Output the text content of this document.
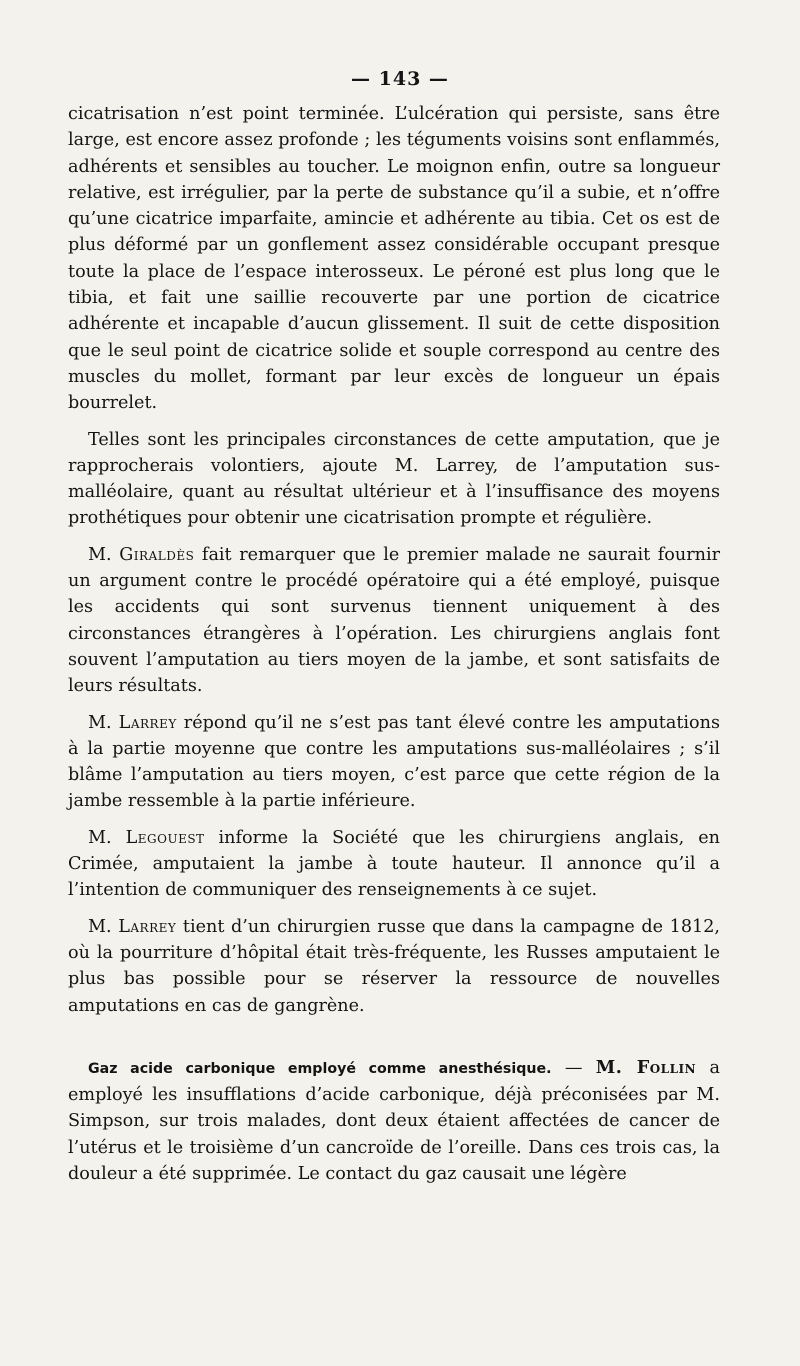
— 143 —

cicatrisation n’est point terminée. L’ulcération qui persiste, sans être large, est encore assez profonde ; les téguments voisins sont enflammés, adhérents et sensibles au toucher. Le moignon enfin, outre sa longueur relative, est irrégulier, par la perte de substance qu’il a subie, et n’offre qu’une cicatrice imparfaite, amincie et adhérente au tibia. Cet os est de plus déformé par un gonflement assez considérable occupant presque toute la place de l’espace interosseux. Le péroné est plus long que le tibia, et fait une saillie recouverte par une portion de cicatrice adhérente et incapable d’aucun glissement. Il suit de cette disposition que le seul point de cicatrice solide et souple correspond au centre des muscles du mollet, formant par leur excès de longueur un épais bourrelet.

Telles sont les principales circonstances de cette amputation, que je rapprocherais volontiers, ajoute M. Larrey, de l’amputation sus-malléolaire, quant au résultat ultérieur et à l’insuffisance des moyens prothétiques pour obtenir une cicatrisation prompte et régulière.

M. Giraldès fait remarquer que le premier malade ne saurait fournir un argument contre le procédé opératoire qui a été employé, puisque les accidents qui sont survenus tiennent uniquement à des circonstances étrangères à l’opération. Les chirurgiens anglais font souvent l’amputation au tiers moyen de la jambe, et sont satisfaits de leurs résultats.

M. Larrey répond qu’il ne s’est pas tant élevé contre les amputations à la partie moyenne que contre les amputations sus-malléolaires ; s’il blâme l’amputation au tiers moyen, c’est parce que cette région de la jambe ressemble à la partie inférieure.

M. Legouest informe la Société que les chirurgiens anglais, en Crimée, amputaient la jambe à toute hauteur. Il annonce qu’il a l’intention de communiquer des renseignements à ce sujet.

M. Larrey tient d’un chirurgien russe que dans la campagne de 1812, où la pourriture d’hôpital était très-fréquente, les Russes amputaient le plus bas possible pour se réserver la ressource de nouvelles amputations en cas de gangrène.

Gaz acide carbonique employé comme anesthésique. — M. Follin a employé les insufflations d’acide carbonique, déjà préconisées par M. Simpson, sur trois malades, dont deux étaient affectées de cancer de l’utérus et le troisième d’un cancroïde de l’oreille. Dans ces trois cas, la douleur a été supprimée. Le contact du gaz causait une légère
